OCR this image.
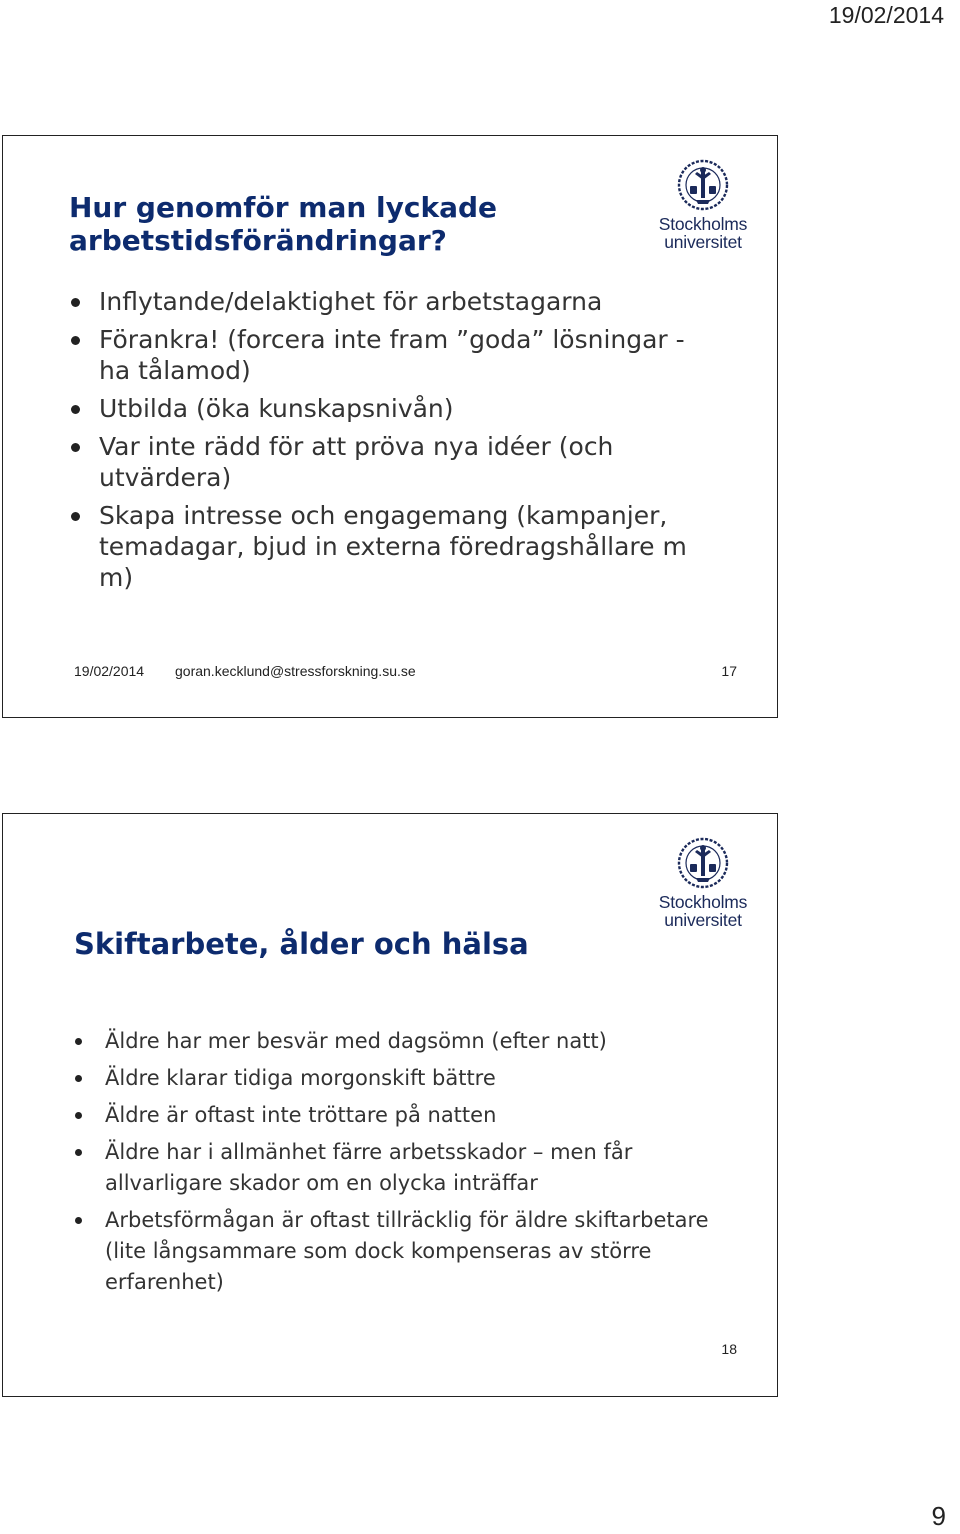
19/02/2014
Stockholms
universitet
Hur genomför man lyckade arbetstidsförändringar?
Inflytande/delaktighet för arbetstagarna
Förankra! (forcera inte fram ”goda” lösningar - ha tålamod)
Utbilda (öka kunskapsnivån)
Var inte rädd för att pröva nya idéer (och utvärdera)
Skapa intresse och engagemang (kampanjer, temadagar, bjud in externa föredragshållare m m)
19/02/2014 goran.kecklund@stressforskning.su.se	17
Stockholms
universitet
Skiftarbete, ålder och hälsa
Äldre har mer besvär med dagsömn (efter natt)
Äldre klarar tidiga morgonskift bättre
Äldre är oftast inte tröttare på natten
Äldre har i allmänhet färre arbetsskador – men får allvarligare skador om en olycka inträffar
Arbetsförmågan är oftast tillräcklig för äldre skiftarbetare (lite långsammare som dock kompenseras av större erfarenhet)
18
9
